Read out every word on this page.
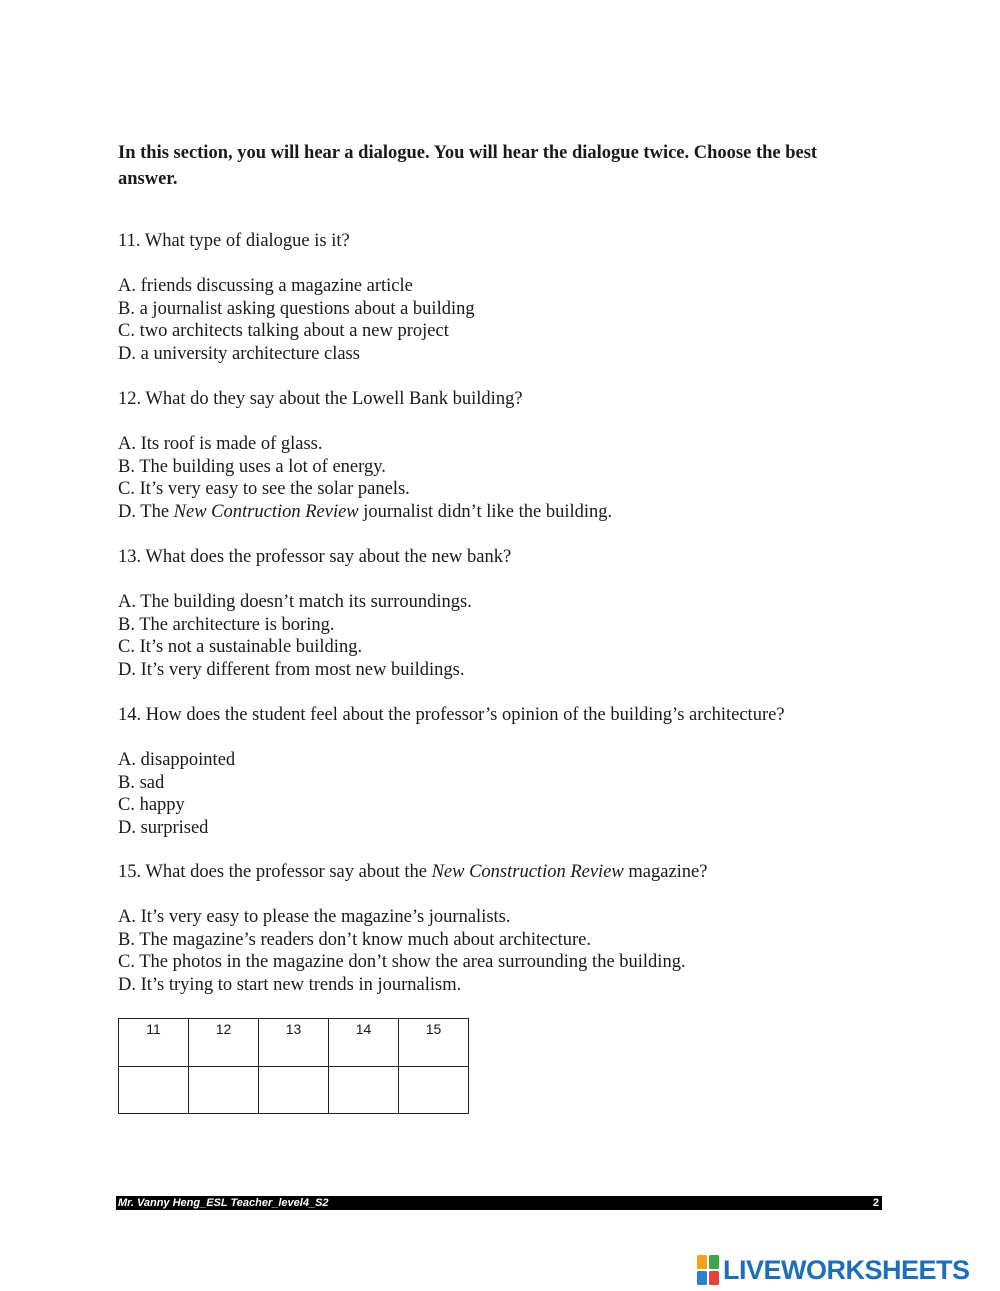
In this section, you will hear a dialogue. You will hear the dialogue twice. Choose the best answer.

11. What type of dialogue is it?

A. friends discussing a magazine article
B. a journalist asking questions about a building
C. two architects talking about a new project
D. a university architecture class

12. What do they say about the Lowell Bank building?

A. Its roof is made of glass.
B. The building uses a lot of energy.
C. It’s very easy to see the solar panels.
D. The New Contruction Review journalist didn’t like the building.

13. What does the professor say about the new bank?

A. The building doesn’t match its surroundings.
B. The architecture is boring.
C. It’s not a sustainable building.
D. It’s very different from most new buildings.

14. How does the student feel about the professor’s opinion of the building’s architecture?

A. disappointed
B. sad
C. happy
D. surprised

15. What does the professor say about the New Construction Review magazine?

A. It’s very easy to please the magazine’s journalists.
B. The magazine’s readers don’t know much about architecture.
C. The photos in the magazine don’t show the area surrounding the building.
D. It’s trying to start new trends in journalism.
11	12	13	14	15

Mr. Vanny Heng_ESL Teacher_level4_S2	2
LIVEWORKSHEETS
